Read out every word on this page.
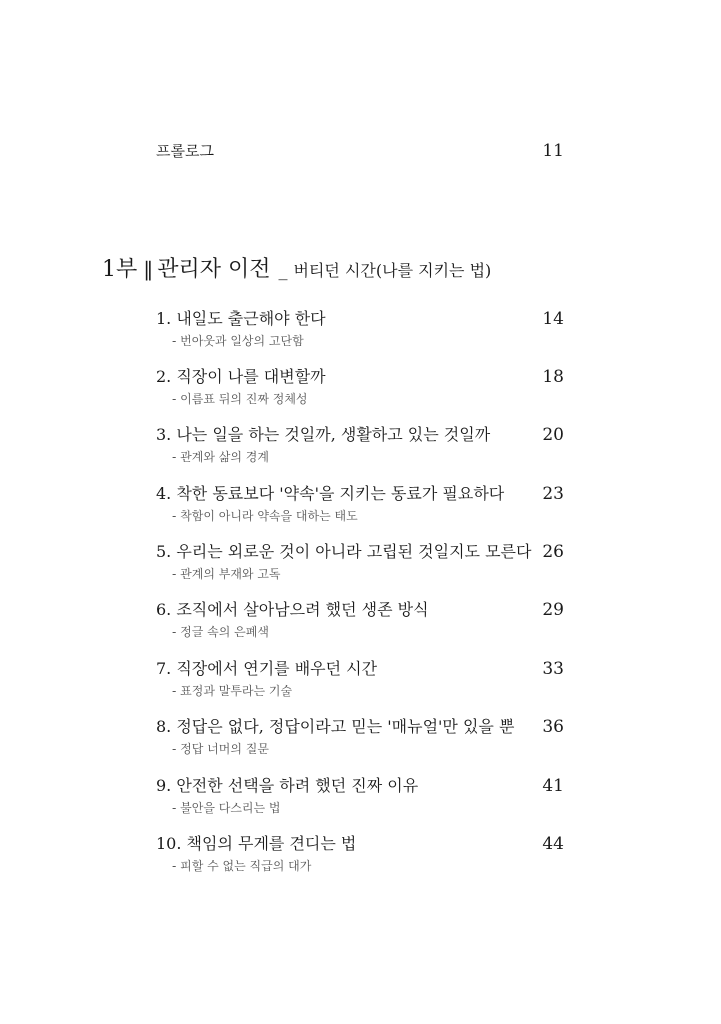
프롤로그	11
1부 ‖ 관리자 이전 _ 버티던 시간(나를 지키는 법)
1. 내일도 출근해야 한다	14
- 번아웃과 일상의 고단함
2. 직장이 나를 대변할까	18
- 이름표 뒤의 진짜 정체성
3. 나는 일을 하는 것일까, 생활하고 있는 것일까	20
- 관계와 삶의 경계
4. 착한 동료보다 '약속'을 지키는 동료가 필요하다 23
- 착함이 아니라 약속을 대하는 태도
5. 우리는 외로운 것이 아니라 고립된 것일지도 모른다 26
- 관계의 부재와 고독
6. 조직에서 살아남으려 했던 생존 방식	29
- 정글 속의 은폐색
7. 직장에서 연기를 배우던 시간	33
- 표정과 말투라는 기술
8. 정답은 없다, 정답이라고 믿는 '매뉴얼'만 있을 뿐 36
- 정답 너머의 질문
9. 안전한 선택을 하려 했던 진짜 이유	41
- 불안을 다스리는 법
10. 책임의 무게를 견디는 법	44
- 피할 수 없는 직급의 대가
